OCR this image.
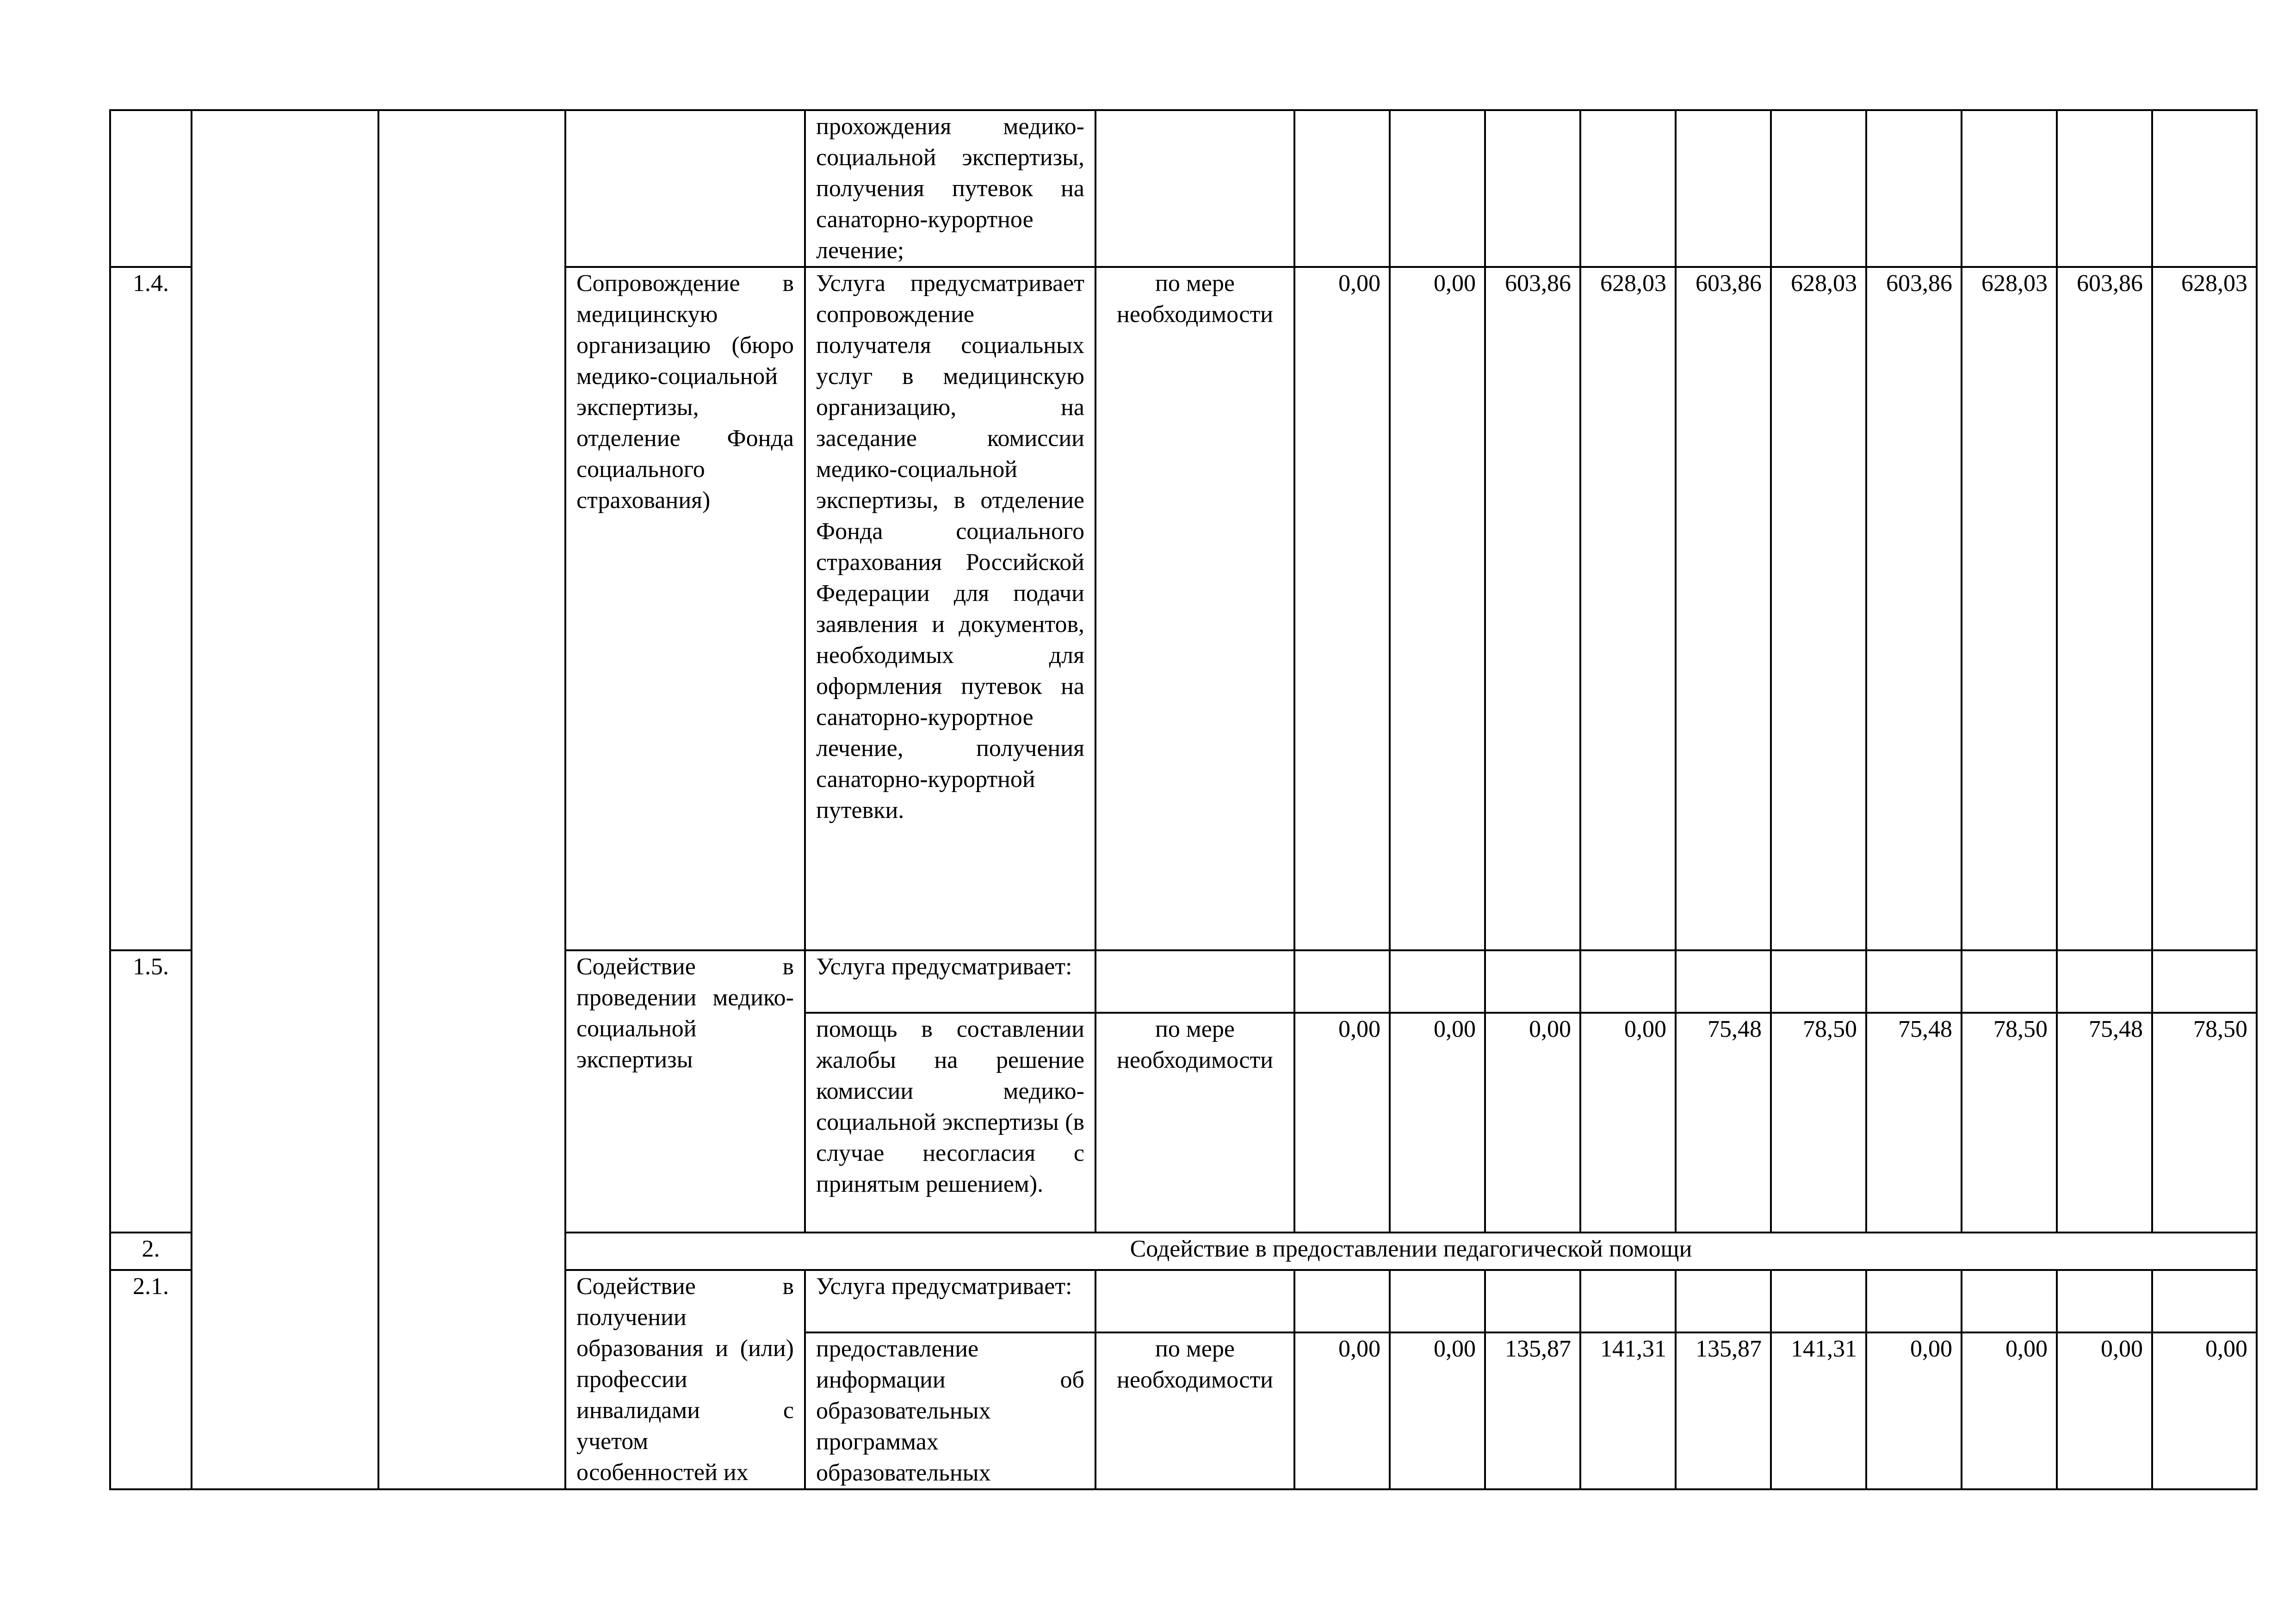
				прохождения медико-социальной экспертизы, получения путевок на санаторно-курортное лечение;											
1.4.			Сопровождение в медицинскую организацию (бюро медико-социальной экспертизы, отделение Фонда социального страхования)	Услуга предусматривает сопровождение получателя социальных услуг в медицинскую организацию, на заседание комиссии медико-социальной экспертизы, в отделение Фонда социального страхования Российской Федерации для подачи заявления и документов, необходимых для оформления путевок на санаторно-курортное лечение, получения санаторно-курортной путевки.	по мере необходимости	0,00	0,00	603,86	628,03	603,86	628,03	603,86	628,03	603,86	628,03
1.5.			Содействие в проведении медико-социальной экспертизы	Услуга предусматривает:											
				помощь в составлении жалобы на решение комиссии медико-социальной экспертизы (в случае несогласия с принятым решением).	по мере необходимости	0,00	0,00	0,00	0,00	75,48	78,50	75,48	78,50	75,48	78,50
2.			Содействие в предоставлении педагогической помощи												
2.1.			Содействие в получении образования и (или) профессии инвалидами с учетом особенностей их	Услуга предусматривает:											
				предоставление информации об образовательных программах образовательных	по мере необходимости	0,00	0,00	135,87	141,31	135,87	141,31	0,00	0,00	0,00	0,00
